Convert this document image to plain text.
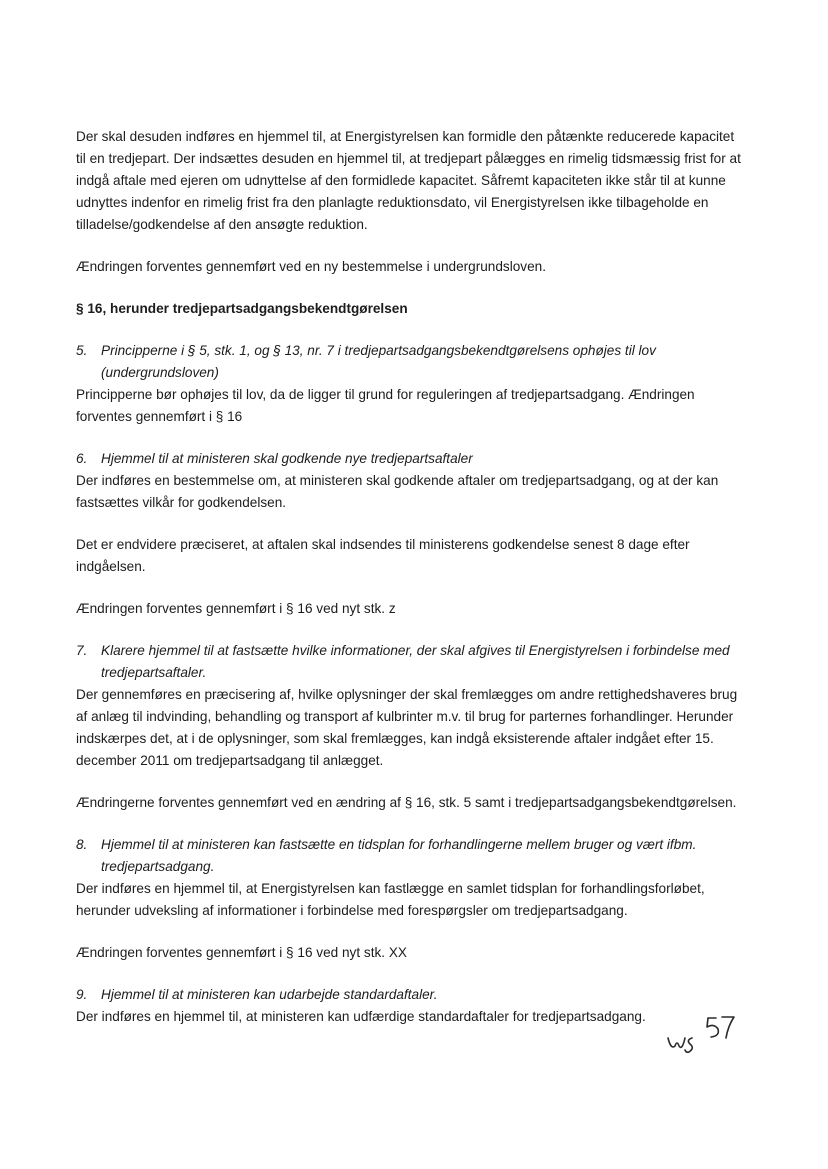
Der skal desuden indføres en hjemmel til, at Energistyrelsen kan formidle den påtænkte reducerede kapacitet til en tredjepart. Der indsættes desuden en hjemmel til, at tredjepart pålægges en rimelig tidsmæssig frist for at indgå aftale med ejeren om udnyttelse af den formidlede kapacitet. Såfremt kapaciteten ikke står til at kunne udnyttes indenfor en rimelig frist fra den planlagte reduktionsdato, vil Energistyrelsen ikke tilbageholde en tilladelse/godkendelse af den ansøgte reduktion.

Ændringen forventes gennemført ved en ny bestemmelse i undergrundsloven.

§ 16, herunder tredjepartsadgangsbekendtgørelsen

5.	Principperne i § 5, stk. 1, og § 13, nr. 7 i tredjepartsadgangsbekendtgørelsens ophøjes til lov (undergrundsloven)

Principperne bør ophøjes til lov, da de ligger til grund for reguleringen af tredjepartsadgang. Ændringen forventes gennemført i § 16

6.	Hjemmel til at ministeren skal godkende nye tredjepartsaftaler

Der indføres en bestemmelse om, at ministeren skal godkende aftaler om tredjepartsadgang, og at der kan fastsættes vilkår for godkendelsen.

Det er endvidere præciseret, at aftalen skal indsendes til ministerens godkendelse senest 8 dage efter indgåelsen.

Ændringen forventes gennemført i § 16 ved nyt stk. z

7.	Klarere hjemmel til at fastsætte hvilke informationer, der skal afgives til Energistyrelsen i forbindelse med tredjepartsaftaler.

Der gennemføres en præcisering af, hvilke oplysninger der skal fremlægges om andre rettighedshaveres brug af anlæg til indvinding, behandling og transport af kulbrinter m.v. til brug for parternes forhandlinger. Herunder indskærpes det, at i de oplysninger, som skal fremlægges, kan indgå eksisterende aftaler indgået efter 15. december 2011 om tredjepartsadgang til anlægget.

Ændringerne forventes gennemført ved en ændring af § 16, stk. 5 samt i tredjepartsadgangsbekendtgørelsen.

8.	Hjemmel til at ministeren kan fastsætte en tidsplan for forhandlingerne mellem bruger og vært ifbm. tredjepartsadgang.

Der indføres en hjemmel til, at Energistyrelsen kan fastlægge en samlet tidsplan for forhandlingsforløbet, herunder udveksling af informationer i forbindelse med forespørgsler om tredjepartsadgang.

Ændringen forventes gennemført i § 16 ved nyt stk. XX

9.	Hjemmel til at ministeren kan udarbejde standardaftaler.

Der indføres en hjemmel til, at ministeren kan udfærdige standardaftaler for tredjepartsadgang.
